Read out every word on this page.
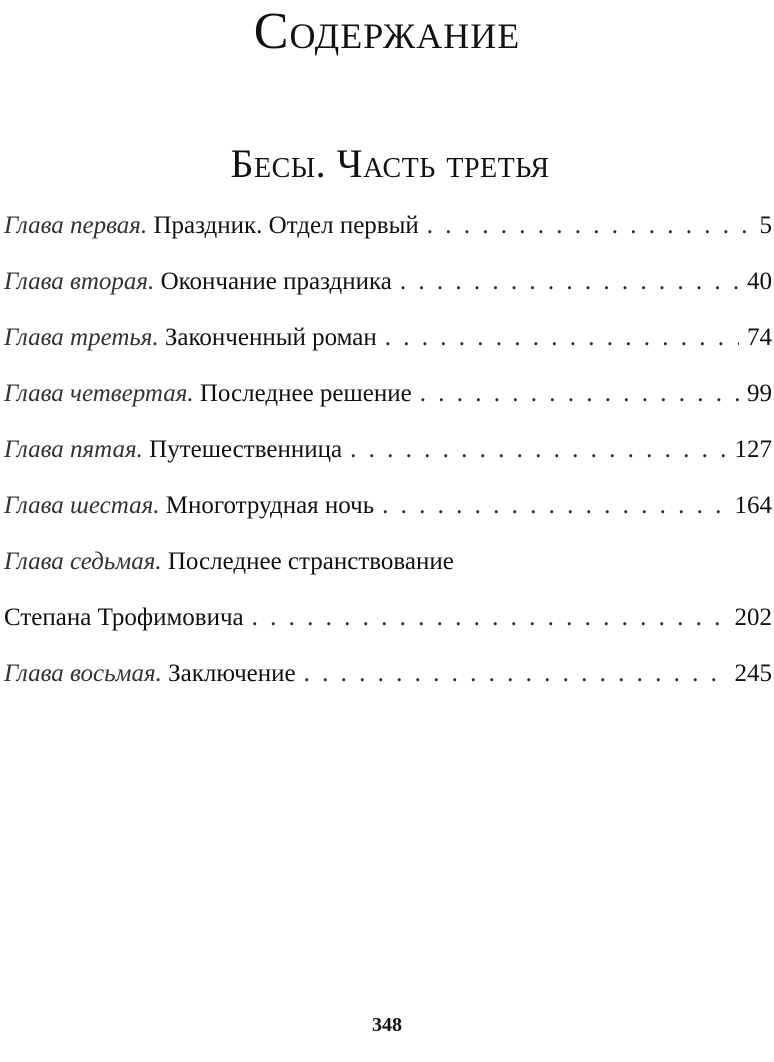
Содержание
Бесы. Часть третья
Глава первая.
Праздник. Отдел первый . . .	5
Глава вторая.
Окончание праздника . . .	40
Глава третья.
Законченный роман . . .	74
Глава четвертая.
Последнее решение . . .	99
Глава пятая.
Путешественница . . .	127
Глава шестая.
Многотрудная ночь . . .	164
Глава седьмая.
Последнее странствование
Степана Трофимовича . . .	202
Глава восьмая.
Заключение . . .	245
348
